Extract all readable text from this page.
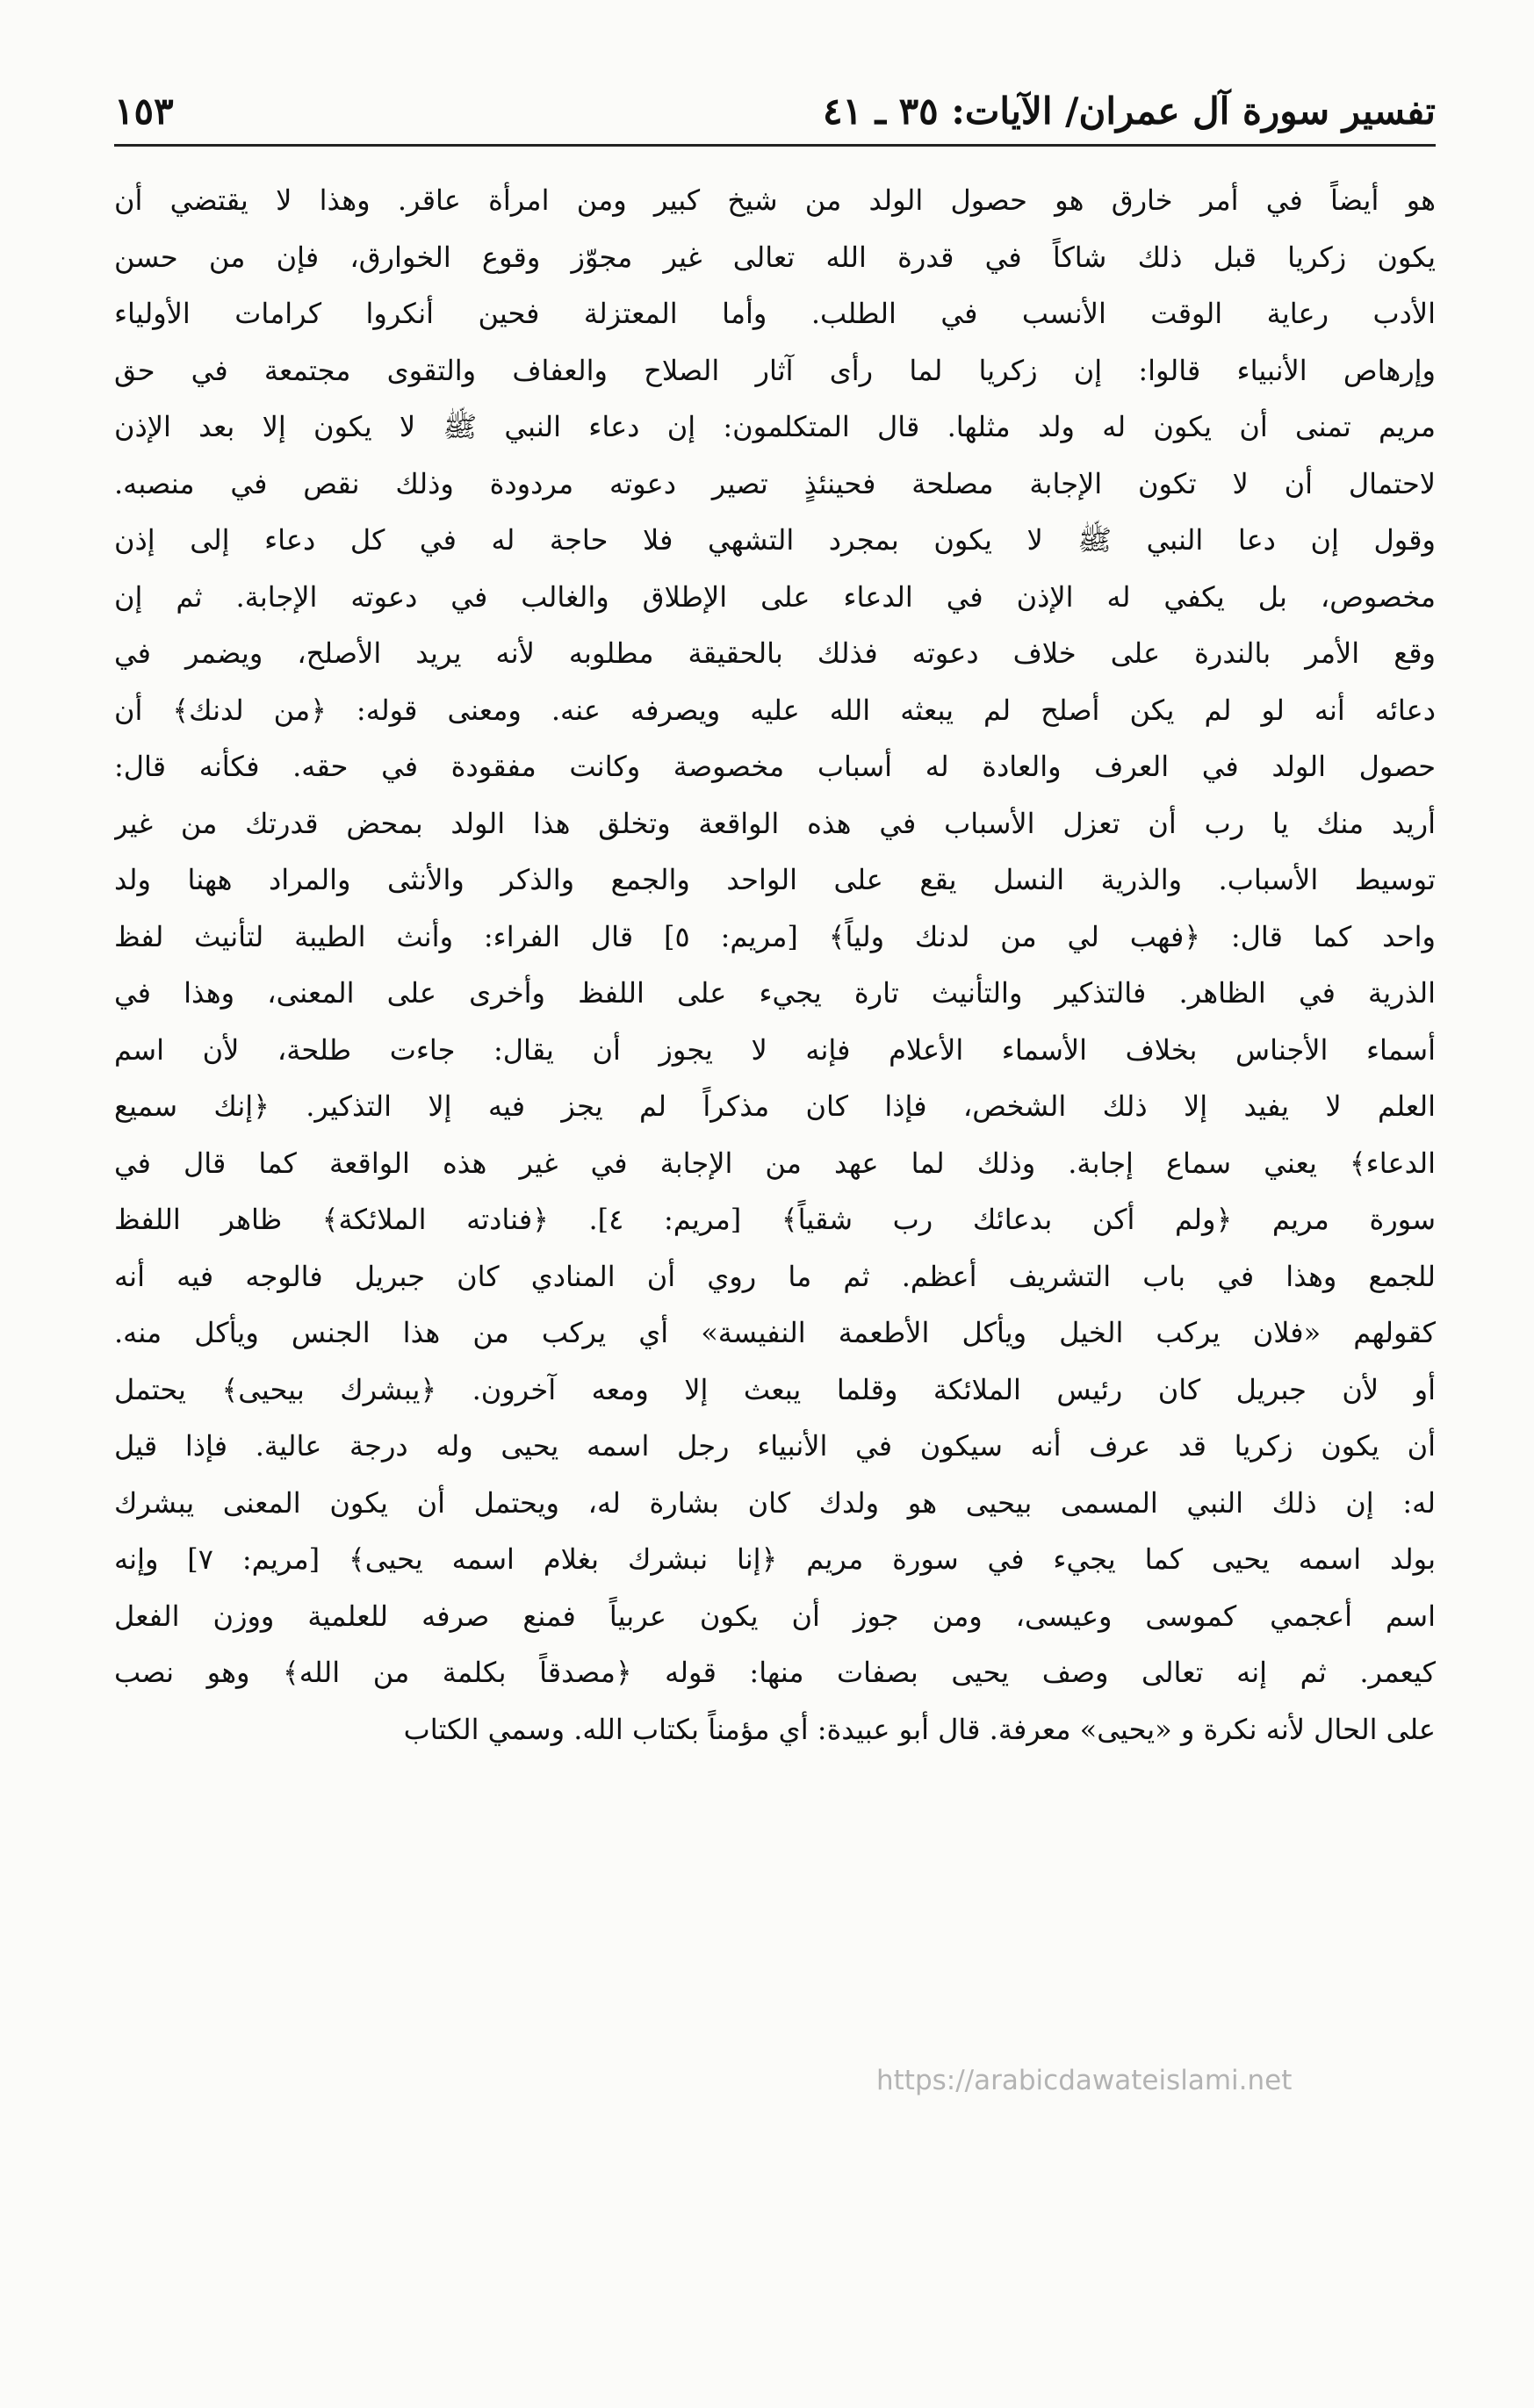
تفسير سورة آل عمران/ الآيات: ٣٥ ـ ٤١
١٥٣
هو أيضاً في أمر خارق هو حصول الولد من شيخ كبير ومن امرأة عاقر. وهذا لا يقتضي أن
يكون زكريا قبل ذلك شاكاً في قدرة الله تعالى غير مجوّز وقوع الخوارق، فإن من حسن
الأدب رعاية الوقت الأنسب في الطلب. وأما المعتزلة فحين أنكروا كرامات الأولياء
وإرهاص الأنبياء قالوا: إن زكريا لما رأى آثار الصلاح والعفاف والتقوى مجتمعة في حق
مريم تمنى أن يكون له ولد مثلها. قال المتكلمون: إن دعاء النبي ﷺ لا يكون إلا بعد الإذن
لاحتمال أن لا تكون الإجابة مصلحة فحينئذٍ تصير دعوته مردودة وذلك نقص في منصبه.
وقول إن دعا النبي ﷺ لا يكون بمجرد التشهي فلا حاجة له في كل دعاء إلى إذن
مخصوص، بل يكفي له الإذن في الدعاء على الإطلاق والغالب في دعوته الإجابة. ثم إن
وقع الأمر بالندرة على خلاف دعوته فذلك بالحقيقة مطلوبه لأنه يريد الأصلح، ويضمر في
دعائه أنه لو لم يكن أصلح لم يبعثه الله عليه ويصرفه عنه. ومعنى قوله: ﴿من لدنك﴾ أن
حصول الولد في العرف والعادة له أسباب مخصوصة وكانت مفقودة في حقه. فكأنه قال:
أريد منك يا رب أن تعزل الأسباب في هذه الواقعة وتخلق هذا الولد بمحض قدرتك من غير
توسيط الأسباب. والذرية النسل يقع على الواحد والجمع والذكر والأنثى والمراد ههنا ولد
واحد كما قال: ﴿فهب لي من لدنك ولياً﴾ [مريم: ٥] قال الفراء: وأنث الطيبة لتأنيث لفظ
الذرية في الظاهر. فالتذكير والتأنيث تارة يجيء على اللفظ وأخرى على المعنى، وهذا في
أسماء الأجناس بخلاف الأسماء الأعلام فإنه لا يجوز أن يقال: جاءت طلحة، لأن اسم
العلم لا يفيد إلا ذلك الشخص، فإذا كان مذكراً لم يجز فيه إلا التذكير. ﴿إنك سميع
الدعاء﴾ يعني سماع إجابة. وذلك لما عهد من الإجابة في غير هذه الواقعة كما قال في
سورة مريم ﴿ولم أكن بدعائك رب شقياً﴾ [مريم: ٤]. ﴿فنادته الملائكة﴾ ظاهر اللفظ
للجمع وهذا في باب التشريف أعظم. ثم ما روي أن المنادي كان جبريل فالوجه فيه أنه
كقولهم «فلان يركب الخيل ويأكل الأطعمة النفيسة» أي يركب من هذا الجنس ويأكل منه.
أو لأن جبريل كان رئيس الملائكة وقلما يبعث إلا ومعه آخرون. ﴿يبشرك بيحيى﴾ يحتمل
أن يكون زكريا قد عرف أنه سيكون في الأنبياء رجل اسمه يحيى وله درجة عالية. فإذا قيل
له: إن ذلك النبي المسمى بيحيى هو ولدك كان بشارة له، ويحتمل أن يكون المعنى يبشرك
بولد اسمه يحيى كما يجيء في سورة مريم ﴿إنا نبشرك بغلام اسمه يحيى﴾ [مريم: ٧] وإنه
اسم أعجمي كموسى وعيسى، ومن جوز أن يكون عربياً فمنع صرفه للعلمية ووزن الفعل
كيعمر. ثم إنه تعالى وصف يحيى بصفات منها: قوله ﴿مصدقاً بكلمة من الله﴾ وهو نصب
على الحال لأنه نكرة و «يحيى» معرفة. قال أبو عبيدة: أي مؤمناً بكتاب الله. وسمي الكتاب
https://arabicdawateislami.net
